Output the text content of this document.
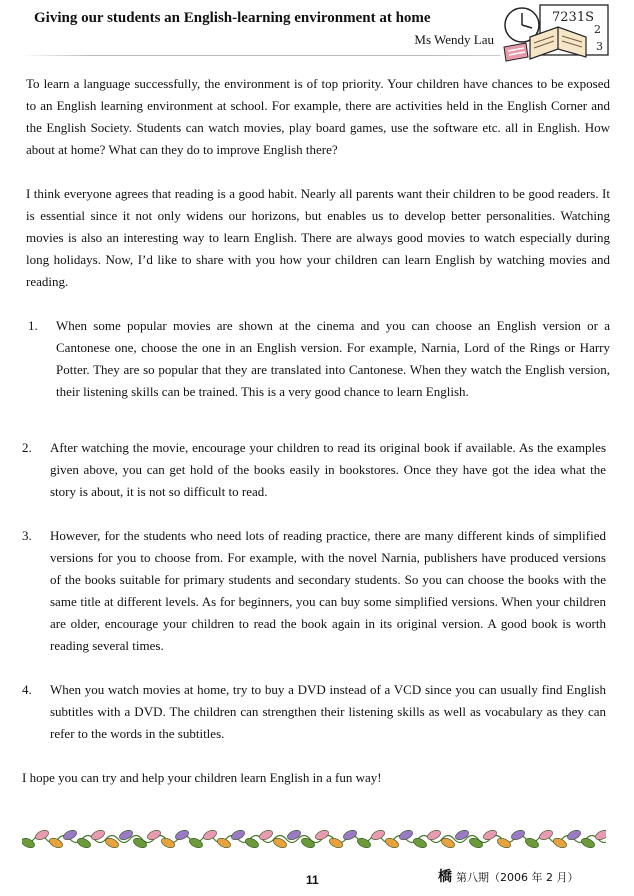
Giving our students an English-learning environment at home
Ms Wendy Lau
7231S
2
3
To learn a language successfully, the environment is of top priority. Your children have chances to be exposed to an English learning environment at school. For example, there are activities held in the English Corner and the English Society. Students can watch movies, play board games, use the software etc. all in English. How about at home? What can they do to improve English there?
I think everyone agrees that reading is a good habit. Nearly all parents want their children to be good readers. It is essential since it not only widens our horizons, but enables us to develop better personalities. Watching movies is also an interesting way to learn English. There are always good movies to watch especially during long holidays. Now, I’d like to share with you how your children can learn English by watching movies and reading.
1. When some popular movies are shown at the cinema and you can choose an English version or a Cantonese one, choose the one in an English version. For example, Narnia, Lord of the Rings or Harry Potter. They are so popular that they are translated into Cantonese. When they watch the English version, their listening skills can be trained. This is a very good chance to learn English.
2. After watching the movie, encourage your children to read its original book if available. As the examples given above, you can get hold of the books easily in bookstores. Once they have got the idea what the story is about, it is not so difficult to read.
3. However, for the students who need lots of reading practice, there are many different kinds of simplified versions for you to choose from. For example, with the novel Narnia, publishers have produced versions of the books suitable for primary students and secondary students. So you can choose the books with the same title at different levels. As for beginners, you can buy some simplified versions. When your children are older, encourage your children to read the book again in its original version. A good book is worth reading several times.
4. When you watch movies at home, try to buy a DVD instead of a VCD since you can usually find English subtitles with a DVD. The children can strengthen their listening skills as well as vocabulary as they can refer to the words in the subtitles.
I hope you can try and help your children learn English in a fun way!
橋 第八期（2006 年 2 月）
11
